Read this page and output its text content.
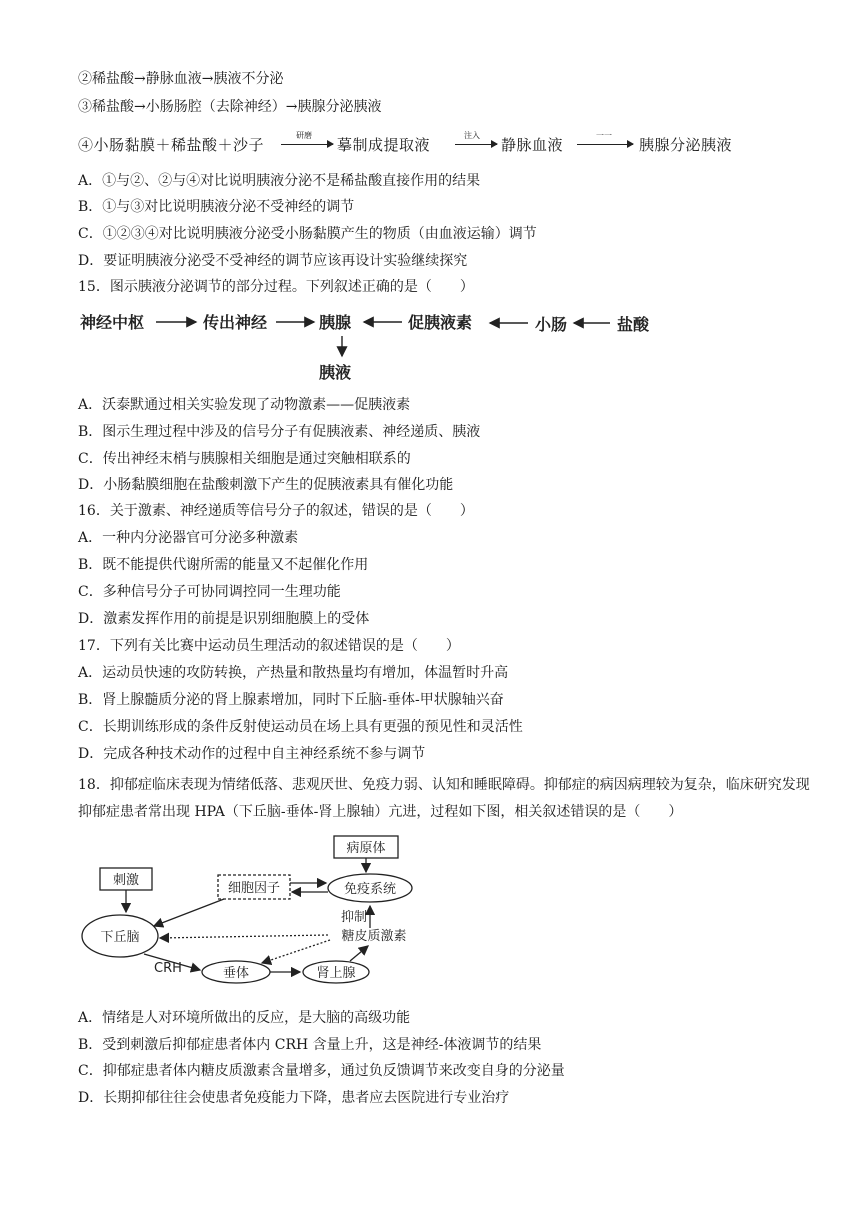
②稀盐酸→静脉血液→胰液不分泌
③稀盐酸→小肠肠腔（去除神经）→胰腺分泌胰液
④小肠黏膜＋稀盐酸＋沙子
研磨
摹制成提取液
注入
静脉血液
一一
胰腺分泌胰液
A．①与②、②与④对比说明胰液分泌不是稀盐酸直接作用的结果
B．①与③对比说明胰液分泌不受神经的调节
C．①②③④对比说明胰液分泌受小肠黏膜产生的物质（由血液运输）调节
D．要证明胰液分泌受不受神经的调节应该再设计实验继续探究
15．图示胰液分泌调节的部分过程。下列叙述正确的是（　　）
神经中枢	传出神经	胰腺	促胰液素	小肠	盐酸
胰液
A．沃泰默通过相关实验发现了动物激素——促胰液素
B．图示生理过程中涉及的信号分子有促胰液素、神经递质、胰液
C．传出神经末梢与胰腺相关细胞是通过突触相联系的
D．小肠黏膜细胞在盐酸刺激下产生的促胰液素具有催化功能
16．关于激素、神经递质等信号分子的叙述，错误的是（　　）
A．一种内分泌器官可分泌多种激素
B．既不能提供代谢所需的能量又不起催化作用
C．多种信号分子可协同调控同一生理功能
D．激素发挥作用的前提是识别细胞膜上的受体
17．下列有关比赛中运动员生理活动的叙述错误的是（　　）
A．运动员快速的攻防转换，产热量和散热量均有增加，体温暂时升高
B．肾上腺髓质分泌的肾上腺素增加，同时下丘脑-垂体-甲状腺轴兴奋
C．长期训练形成的条件反射使运动员在场上具有更强的预见性和灵活性
D．完成各种技术动作的过程中自主神经系统不参与调节
18．抑郁症临床表现为情绪低落、悲观厌世、免疫力弱、认知和睡眠障碍。抑郁症的病因病理较为复杂，临床研究发现抑郁症患者常出现 HPA（下丘脑-垂体-肾上腺轴）亢进，过程如下图，相关叙述错误的是（　　）
刺激
病原体
细胞因子	免疫系统
下丘脑
抑制
糖皮质激素
CRH	垂体	肾上腺
A．情绪是人对环境所做出的反应，是大脑的高级功能
B．受到刺激后抑郁症患者体内 CRH 含量上升，这是神经-体液调节的结果
C．抑郁症患者体内糖皮质激素含量增多，通过负反馈调节来改变自身的分泌量
D．长期抑郁往往会使患者免疫能力下降，患者应去医院进行专业治疗
